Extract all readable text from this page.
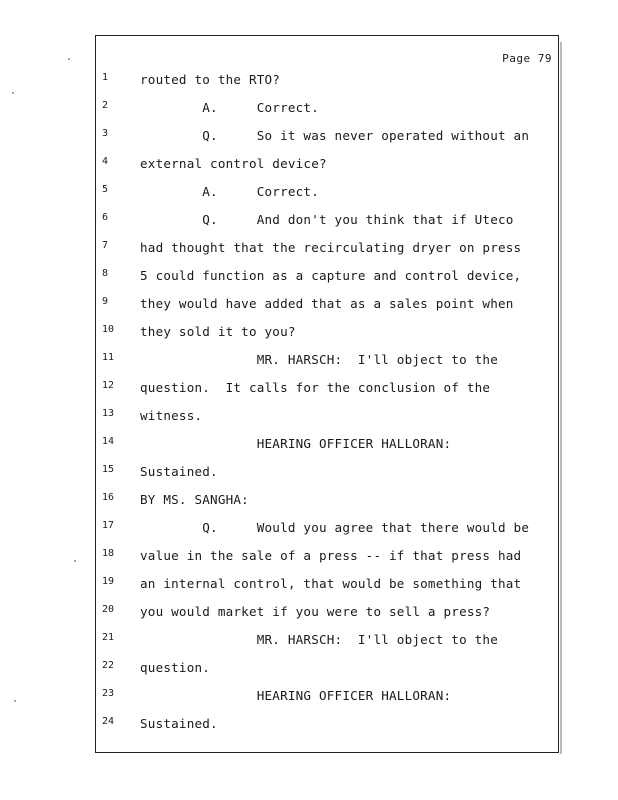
Page 79
1	routed to the RTO?
2	A.     Correct.
3	Q.     So it was never operated without an
4	external control device?
5	A.     Correct.
6	Q.     And don't you think that if Uteco
7	had thought that the recirculating dryer on press
8	5 could function as a capture and control device,
9	they would have added that as a sales point when
10	they sold it to you?
11	MR. HARSCH:  I'll object to the
12	question.  It calls for the conclusion of the
13	witness.
14	HEARING OFFICER HALLORAN:
15	Sustained.
16	BY MS. SANGHA:
17	Q.     Would you agree that there would be
18	value in the sale of a press -- if that press had
19	an internal control, that would be something that
20	you would market if you were to sell a press?
21	MR. HARSCH:  I'll object to the
22	question.
23	HEARING OFFICER HALLORAN:
24	Sustained.
